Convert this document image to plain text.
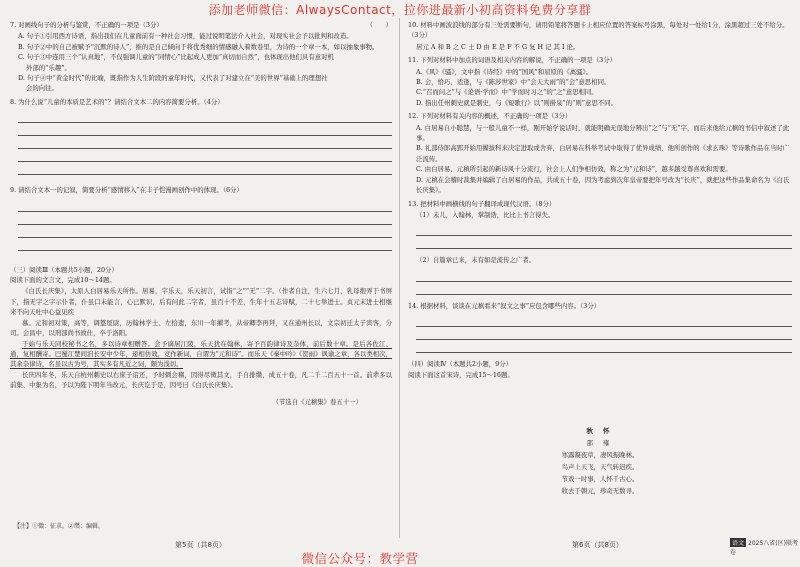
添加老师微信：AlwaysContact，拉你进最新小初高资料免费分享群
（　　）
7. 对画线句子的分析与鉴赏，不正确的一项是（3分）
A. 句子①引用西方诗语，指出我们在儿童面前有一种社会习惯，能过说明笔法介入社会，对现实社会予以批判和改造。
B. 句子②中的自己被赋予“沉默的诗人”，推的是自己倾向于将优秀细的情感融入着数卷里，为诗的一个章一本，如以抽象事物。
C. 句子③中连用三个“认真地”，不仅强调儿童的“同情心”比起成人更加“真切而自然”，也体现出他们具有意对机
外部的“乐趣”。
D. 句子④中“黄金时代”的比喻，既指作为人生阶段的童年时代，又代表了对建立在“美的世界”基础上的理想社
会的向往。
8. 为什么说“儿童的本质是艺术的”？请结合文本二的内容简要分析。（4分）
9. 请结合文本一的记叙，简要分析“感情移入”在丰子恺漫画创作中的体现。（6分）
（三）阅读Ⅲ（本题共5小题，20分）
阅读下面的文言文，完成10～14题。

《白氏长庆集》，太原人白居易乐天所作。居易，字乐天，乐天初言，试指“之”“无”二字。（作者自注，生六七月，乳母抱弄于书屏下，指无字之字示仆者，仆虽口未能言，心已默识，后有问此二字者，虽百十不差，生年十五志诗赋，二十七举进士。贞元末进士相继来不向天吐中心益见疾

慕。元和初对策，高等，调盩厔尉，历翰林学士、左拾遗，东川一年擢考，从帝卿李再拜，又在通州长以，文宗初迁太子宾客，分司。会昌中，以刑部尚书致仕，卒于洛阳。

于始与乐天同校秘书之名，多以诗章相赠答。会予谪居江陵，乐天犹在翰林，寄予百韵律诗及杂体，前后数十章。是后各佐江、通，复相酬寄。巴蜀江楚间洎长安中少年，递相仿效，竞作新词，自谓为“元和诗”。而乐天《秦中吟》《贺雨》讽谕之章，各以类相次，其余杂律诗，名虽以古为号，其实多有凡近之词，颇为浅切。

长庆四年冬，乐天自杭州刺史以右庶子诏还，予时刺会稽，因得尽徵其文，手自排缵，成五十卷，凡二千二百五十一首。前辈多以前集、中集为名，予以为陛下明年当改元，长庆讫于是，因号曰《白氏长庆集》。

（节选自《元稹集》卷五十一）
【注】①徵：征求。②缵：编辑。
10. 材料中画波浪线的部分有三处需要断句，请用铅笔将答题卡上相应位置的答案标号涂黑，每处对一处给1分，涂黑超过三处不给分。（3分）
居元 A 和 B 之 C 士 D 由 E 是 F 不 G 复 H 记 其 I 论。
11. 下列对材料中加点的词语及相关内容的解说，不正确的一项是（3分）
A.《风》《骚》，文中指《诗经》中的“国风”和屈原的《离骚》。
B. 会，恰巧，适逢，与《陈涉世家》中“会天大雨”的“会”意思相同。
C.“召而问之”与《论语·学而》中“学而时习之”的“之”意思相同。
D. 指出任州刺史就是刺史，与《短歌行》以“则掛泉”的“则”意思不同。
12. 下列对材料有关内容的概述，不正确的一项是（3分）
A. 白居易自小聪慧，与一般儿童不一样，刚开始学说话时，就能明确无误地分辨出“之”与“无”字，而后来他给元稹的书信中叙述了此事。
B. 礼部侍郎高郢开始用擢拔科来决定进取或舍弃，白居易在科举考试中取得了优异成绩，他所创作的《求玄珠》等诗歌作品在当时广泛流传。
C. 由白居易、元稹所引起的新诗风十分流行，社会上人们争相仿效，称之为“元和诗”，越多越受尊喜欢和需要。
D. 元稹在会稽时裁集并编辑了白居易的作品，共成五十卷，因为考虑到次年皇帝要把年号改为“长庆”，就把这些作品集命名为《白氏长庆集》。
13. 把材料中画横线的句子翻译成现代汉语。（8分）
（1）未儿，入翰林，掌制诰，比比上书言得失。
（2）自篇章已来，未有如是流传之广者。
14. 根据材料，谈谈在元稹看来“叙文之事”应包含哪些内容。（3分）
（四）阅读Ⅳ（本题共2小题，9分）
阅读下面这首宋诗，完成15～16题。
秋 怀
邵 雍
寒露凝夜草，凄风振晚林。
鸟声上天飞，天气转迟疾。
节戏一时事，人怀千古心。
收去于朝元，珍奇无数寻。
第5页（共8页）	第6页（共8页）	语文 2025八省(区)联考卷
微信公众号：教学营
